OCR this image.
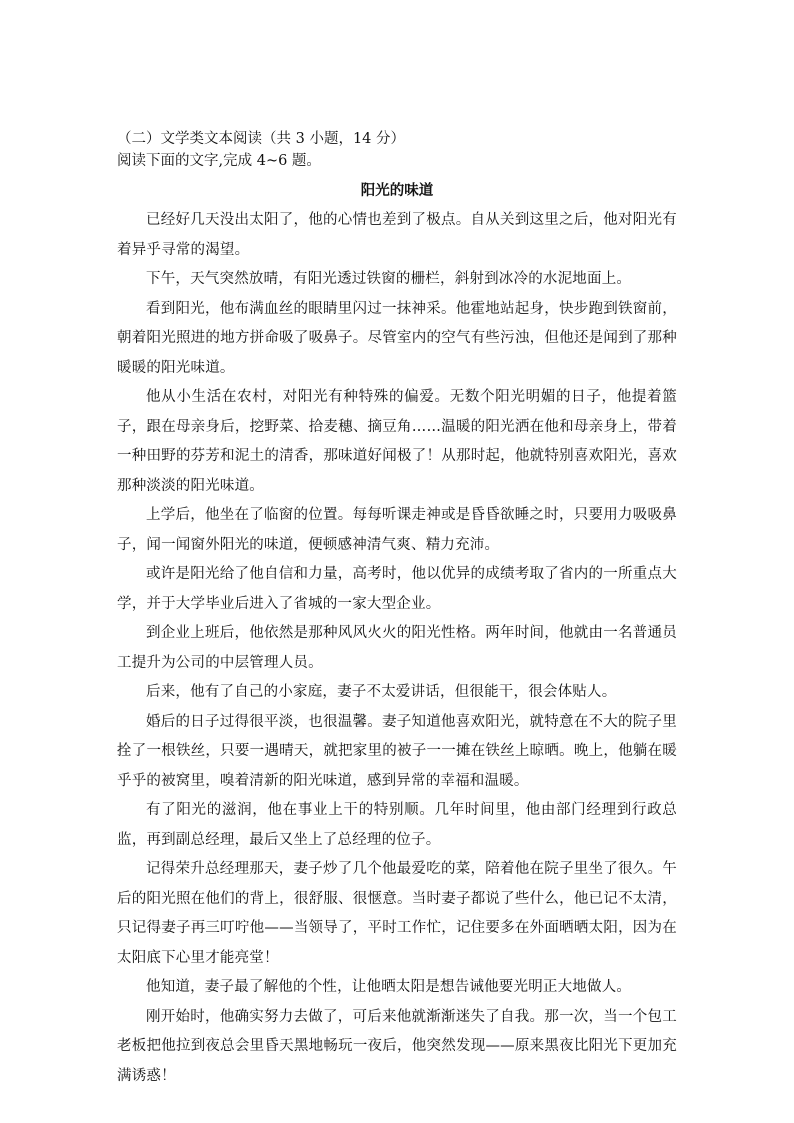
（二）文学类文本阅读（共 3 小题，14 分）

阅读下面的文字,完成 4~6 题。

阳光的味道

已经好几天没出太阳了，他的心情也差到了极点。自从关到这里之后，他对阳光有着异乎寻常的渴望。

下午，天气突然放晴，有阳光透过铁窗的栅栏，斜射到冰冷的水泥地面上。

看到阳光，他布满血丝的眼睛里闪过一抹神采。他霍地站起身，快步跑到铁窗前，朝着阳光照进的地方拼命吸了吸鼻子。尽管室内的空气有些污浊，但他还是闻到了那种暖暖的阳光味道。

他从小生活在农村，对阳光有种特殊的偏爱。无数个阳光明媚的日子，他提着篮子，跟在母亲身后，挖野菜、拾麦穗、摘豆角……温暖的阳光洒在他和母亲身上，带着一种田野的芬芳和泥土的清香，那味道好闻极了！从那时起，他就特别喜欢阳光，喜欢那种淡淡的阳光味道。

上学后，他坐在了临窗的位置。每每听课走神或是昏昏欲睡之时，只要用力吸吸鼻子，闻一闻窗外阳光的味道，便顿感神清气爽、精力充沛。

或许是阳光给了他自信和力量，高考时，他以优异的成绩考取了省内的一所重点大学，并于大学毕业后进入了省城的一家大型企业。

到企业上班后，他依然是那种风风火火的阳光性格。两年时间，他就由一名普通员工提升为公司的中层管理人员。

后来，他有了自己的小家庭，妻子不太爱讲话，但很能干，很会体贴人。

婚后的日子过得很平淡，也很温馨。妻子知道他喜欢阳光，就特意在不大的院子里拴了一根铁丝，只要一遇晴天，就把家里的被子一一摊在铁丝上晾晒。晚上，他躺在暖乎乎的被窝里，嗅着清新的阳光味道，感到异常的幸福和温暖。

有了阳光的滋润，他在事业上干的特别顺。几年时间里，他由部门经理到行政总监，再到副总经理，最后又坐上了总经理的位子。

记得荣升总经理那天，妻子炒了几个他最爱吃的菜，陪着他在院子里坐了很久。午后的阳光照在他们的背上，很舒服、很惬意。当时妻子都说了些什么，他已记不太清，只记得妻子再三叮咛他——当领导了，平时工作忙，记住要多在外面晒晒太阳，因为在太阳底下心里才能亮堂！

他知道，妻子最了解他的个性，让他晒太阳是想告诫他要光明正大地做人。

刚开始时，他确实努力去做了，可后来他就渐渐迷失了自我。那一次，当一个包工老板把他拉到夜总会里昏天黑地畅玩一夜后，他突然发现——原来黑夜比阳光下更加充满诱惑！
